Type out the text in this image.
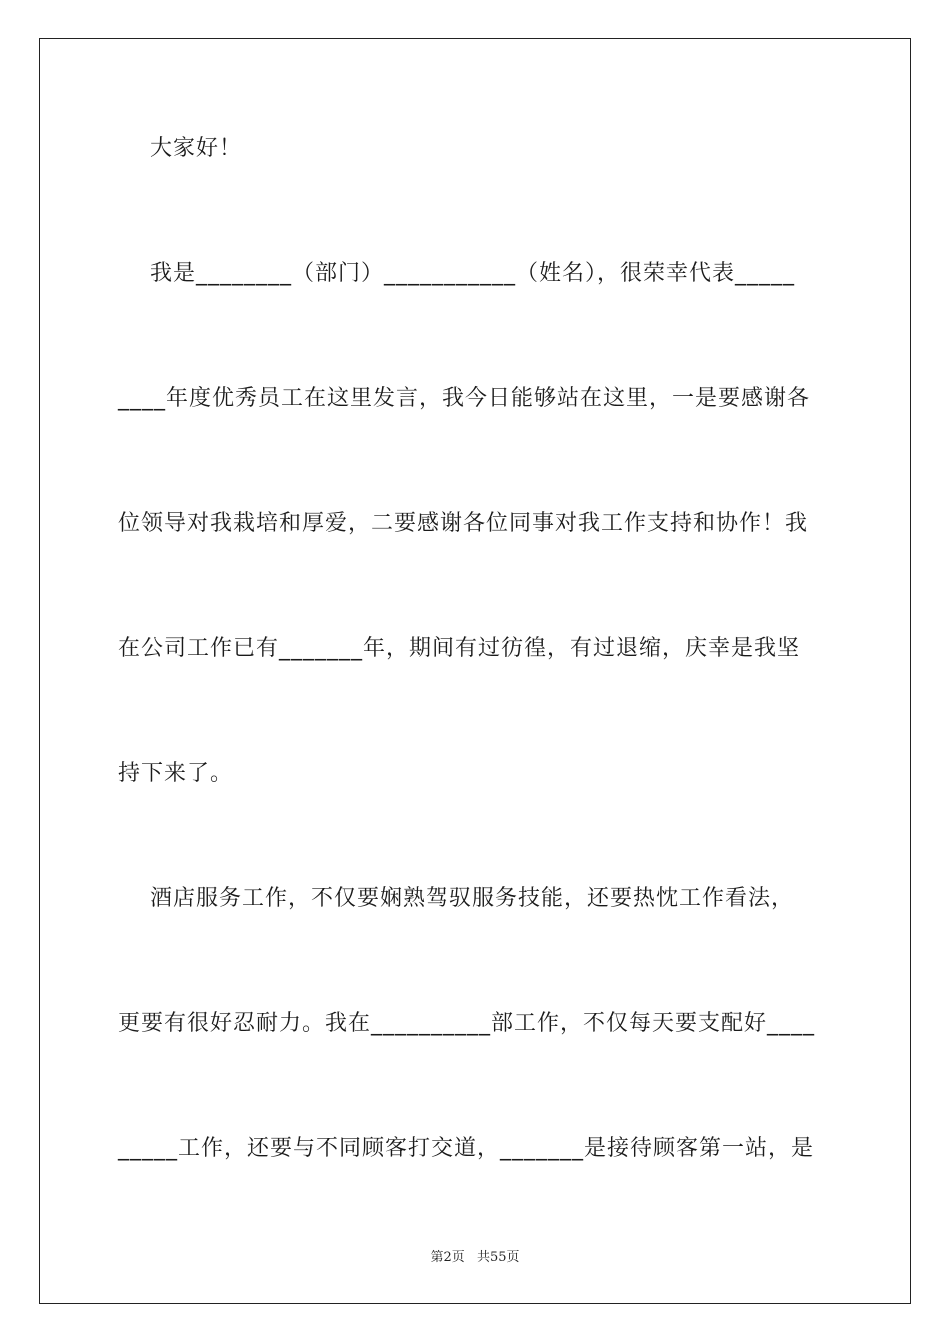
大家好！
我是________（部门）___________（姓名），很荣幸代表_____
____年度优秀员工在这里发言，我今日能够站在这里，一是要感谢各
位领导对我栽培和厚爱，二要感谢各位同事对我工作支持和协作！我
在公司工作已有_______年，期间有过彷徨，有过退缩，庆幸是我坚
持下来了。
酒店服务工作，不仅要娴熟驾驭服务技能，还要热忱工作看法，
更要有很好忍耐力。我在__________部工作，不仅每天要支配好____
_____工作，还要与不同顾客打交道，_______是接待顾客第一站，是
第2页 共55页
